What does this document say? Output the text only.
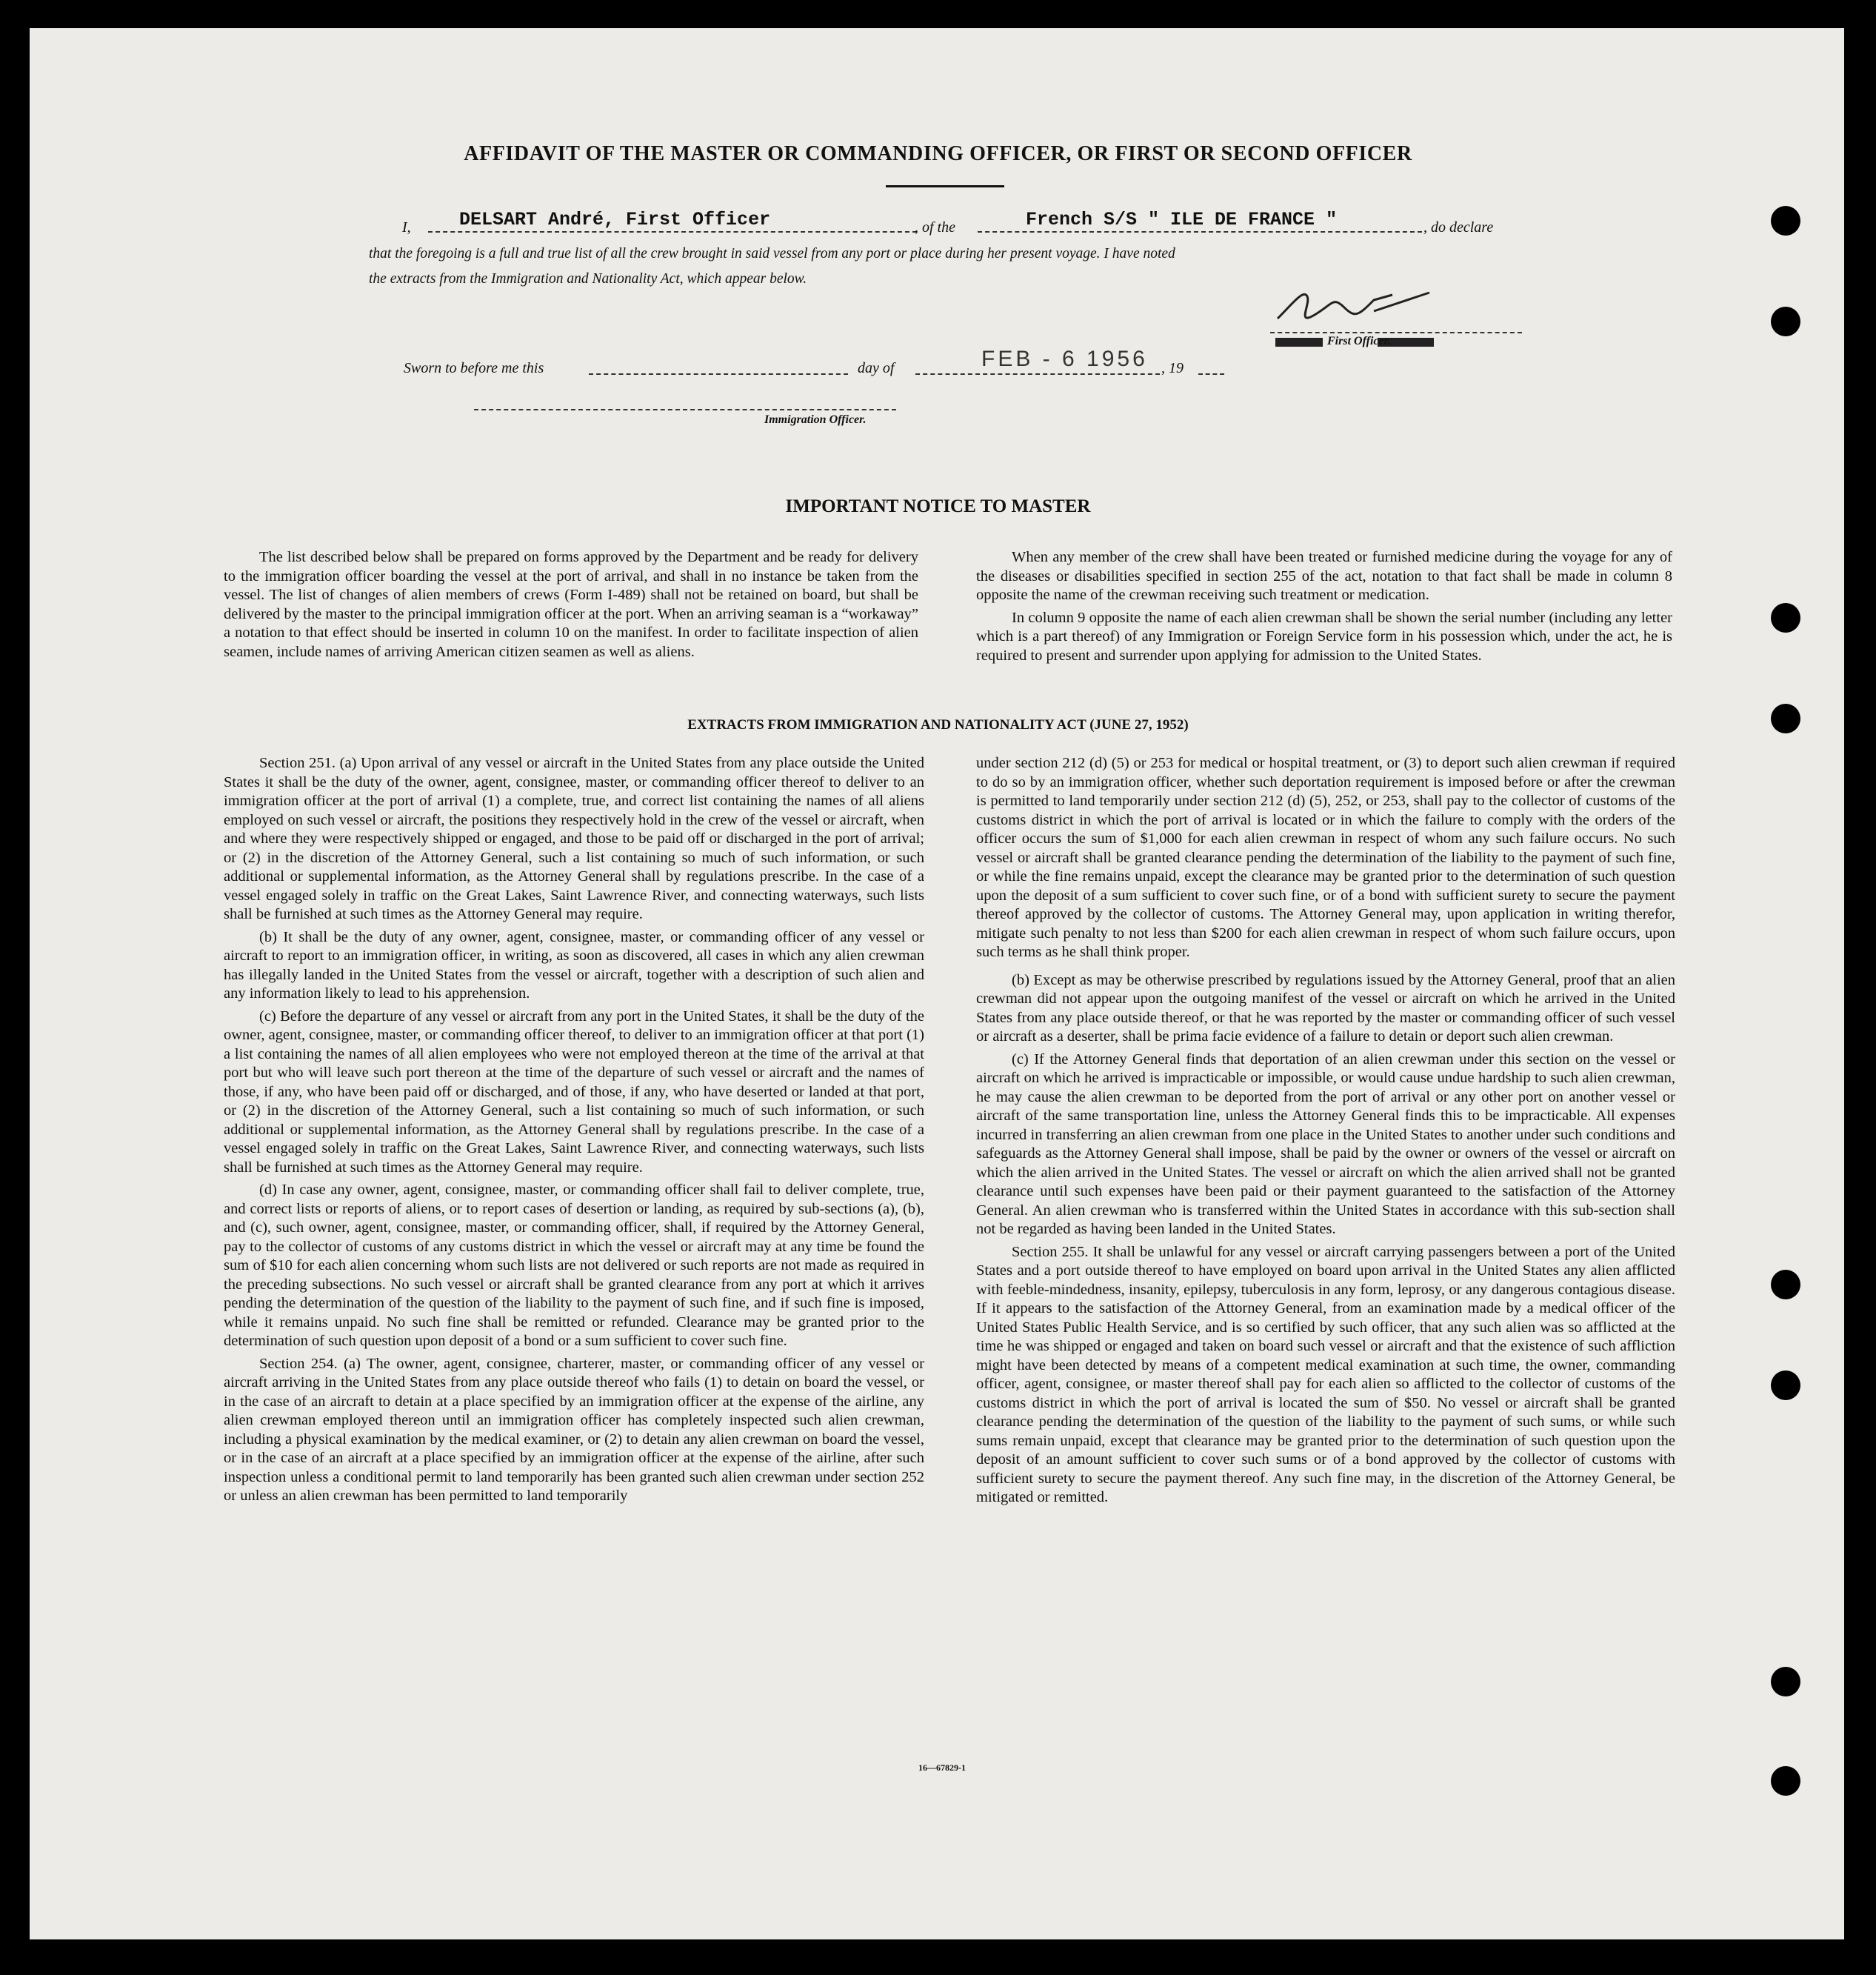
AFFIDAVIT OF THE MASTER OR COMMANDING OFFICER, OR FIRST OR SECOND OFFICER
I,	DELSART André, First Officer	, of the	French S/S " ILE DE FRANCE "	, do declare
that the foregoing is a full and true list of all the crew brought in said vessel from any port or place during her present voyage. I have noted
the extracts from the Immigration and Nationality Act, which appear below.
First Officer.
Sworn to before me this	day of	FEB - 6 1956 , 19
Immigration Officer.
IMPORTANT NOTICE TO MASTER

The list described below shall be prepared on forms approved by the Department and be ready for delivery to the immigration officer boarding the vessel at the port of arrival, and shall in no instance be taken from the vessel. The list of changes of alien members of crews (Form I-489) shall not be retained on board, but shall be delivered by the master to the principal immigration officer at the port. When an arriving seaman is a “workaway” a notation to that effect should be inserted in column 10 on the manifest. In order to facilitate inspection of alien seamen, include names of arriving American citizen seamen as well as aliens.

When any member of the crew shall have been treated or furnished medicine during the voyage for any of the diseases or disabilities specified in section 255 of the act, notation to that fact shall be made in column 8 opposite the name of the crewman receiving such treatment or medication.

In column 9 opposite the name of each alien crewman shall be shown the serial number (including any letter which is a part thereof) of any Immigration or Foreign Service form in his possession which, under the act, he is required to present and surrender upon applying for admission to the United States.

EXTRACTS FROM IMMIGRATION AND NATIONALITY ACT (JUNE 27, 1952)

Section 251. (a) Upon arrival of any vessel or aircraft in the United States from any place outside the United States it shall be the duty of the owner, agent, consignee, master, or commanding officer thereof to deliver to an immigration officer at the port of arrival (1) a complete, true, and correct list containing the names of all aliens employed on such vessel or aircraft, the positions they respectively hold in the crew of the vessel or aircraft, when and where they were respectively shipped or engaged, and those to be paid off or discharged in the port of arrival; or (2) in the discretion of the Attorney General, such a list containing so much of such information, or such additional or supplemental information, as the Attorney General shall by regulations prescribe. In the case of a vessel engaged solely in traffic on the Great Lakes, Saint Lawrence River, and connecting waterways, such lists shall be furnished at such times as the Attorney General may require.

(b) It shall be the duty of any owner, agent, consignee, master, or commanding officer of any vessel or aircraft to report to an immigration officer, in writing, as soon as discovered, all cases in which any alien crewman has illegally landed in the United States from the vessel or aircraft, together with a description of such alien and any information likely to lead to his apprehension.

(c) Before the departure of any vessel or aircraft from any port in the United States, it shall be the duty of the owner, agent, consignee, master, or commanding officer thereof, to deliver to an immigration officer at that port (1) a list containing the names of all alien employees who were not employed thereon at the time of the arrival at that port but who will leave such port thereon at the time of the departure of such vessel or aircraft and the names of those, if any, who have been paid off or discharged, and of those, if any, who have deserted or landed at that port, or (2) in the discretion of the Attorney General, such a list containing so much of such information, or such additional or supplemental information, as the Attorney General shall by regulations prescribe. In the case of a vessel engaged solely in traffic on the Great Lakes, Saint Lawrence River, and connecting waterways, such lists shall be furnished at such times as the Attorney General may require.

(d) In case any owner, agent, consignee, master, or commanding officer shall fail to deliver complete, true, and correct lists or reports of aliens, or to report cases of desertion or landing, as required by sub-sections (a), (b), and (c), such owner, agent, consignee, master, or commanding officer, shall, if required by the Attorney General, pay to the collector of customs of any customs district in which the vessel or aircraft may at any time be found the sum of $10 for each alien concerning whom such lists are not delivered or such reports are not made as required in the preceding subsections. No such vessel or aircraft shall be granted clearance from any port at which it arrives pending the determination of the question of the liability to the payment of such fine, and if such fine is imposed, while it remains unpaid. No such fine shall be remitted or refunded. Clearance may be granted prior to the determination of such question upon deposit of a bond or a sum sufficient to cover such fine.

Section 254. (a) The owner, agent, consignee, charterer, master, or commanding officer of any vessel or aircraft arriving in the United States from any place outside thereof who fails (1) to detain on board the vessel, or in the case of an aircraft to detain at a place specified by an immigration officer at the expense of the airline, any alien crewman employed thereon until an immigration officer has completely inspected such alien crewman, including a physical examination by the medical examiner, or (2) to detain any alien crewman on board the vessel, or in the case of an aircraft at a place specified by an immigration officer at the expense of the airline, after such inspection unless a conditional permit to land temporarily has been granted such alien crewman under section 252 or unless an alien crewman has been permitted to land temporarily

under section 212 (d) (5) or 253 for medical or hospital treatment, or (3) to deport such alien crewman if required to do so by an immigration officer, whether such deportation requirement is imposed before or after the crewman is permitted to land temporarily under section 212 (d) (5), 252, or 253, shall pay to the collector of customs of the customs district in which the port of arrival is located or in which the failure to comply with the orders of the officer occurs the sum of $1,000 for each alien crewman in respect of whom any such failure occurs. No such vessel or aircraft shall be granted clearance pending the determination of the liability to the payment of such fine, or while the fine remains unpaid, except the clearance may be granted prior to the determination of such question upon the deposit of a sum sufficient to cover such fine, or of a bond with sufficient surety to secure the payment thereof approved by the collector of customs. The Attorney General may, upon application in writing therefor, mitigate such penalty to not less than $200 for each alien crewman in respect of whom such failure occurs, upon such terms as he shall think proper.

(b) Except as may be otherwise prescribed by regulations issued by the Attorney General, proof that an alien crewman did not appear upon the outgoing manifest of the vessel or aircraft on which he arrived in the United States from any place outside thereof, or that he was reported by the master or commanding officer of such vessel or aircraft as a deserter, shall be prima facie evidence of a failure to detain or deport such alien crewman.

(c) If the Attorney General finds that deportation of an alien crewman under this section on the vessel or aircraft on which he arrived is impracticable or impossible, or would cause undue hardship to such alien crewman, he may cause the alien crewman to be deported from the port of arrival or any other port on another vessel or aircraft of the same transportation line, unless the Attorney General finds this to be impracticable. All expenses incurred in transferring an alien crewman from one place in the United States to another under such conditions and safeguards as the Attorney General shall impose, shall be paid by the owner or owners of the vessel or aircraft on which the alien arrived in the United States. The vessel or aircraft on which the alien arrived shall not be granted clearance until such expenses have been paid or their payment guaranteed to the satisfaction of the Attorney General. An alien crewman who is transferred within the United States in accordance with this sub-section shall not be regarded as having been landed in the United States.

Section 255. It shall be unlawful for any vessel or aircraft carrying passengers between a port of the United States and a port outside thereof to have employed on board upon arrival in the United States any alien afflicted with feeble-mindedness, insanity, epilepsy, tuberculosis in any form, leprosy, or any dangerous contagious disease. If it appears to the satisfaction of the Attorney General, from an examination made by a medical officer of the United States Public Health Service, and is so certified by such officer, that any such alien was so afflicted at the time he was shipped or engaged and taken on board such vessel or aircraft and that the existence of such affliction might have been detected by means of a competent medical examination at such time, the owner, commanding officer, agent, consignee, or master thereof shall pay for each alien so afflicted to the collector of customs of the customs district in which the port of arrival is located the sum of $50. No vessel or aircraft shall be granted clearance pending the determination of the question of the liability to the payment of such sums, or while such sums remain unpaid, except that clearance may be granted prior to the determination of such question upon the deposit of an amount sufficient to cover such sums or of a bond approved by the collector of customs with sufficient surety to secure the payment thereof. Any such fine may, in the discretion of the Attorney General, be mitigated or remitted.

16—67829-1
